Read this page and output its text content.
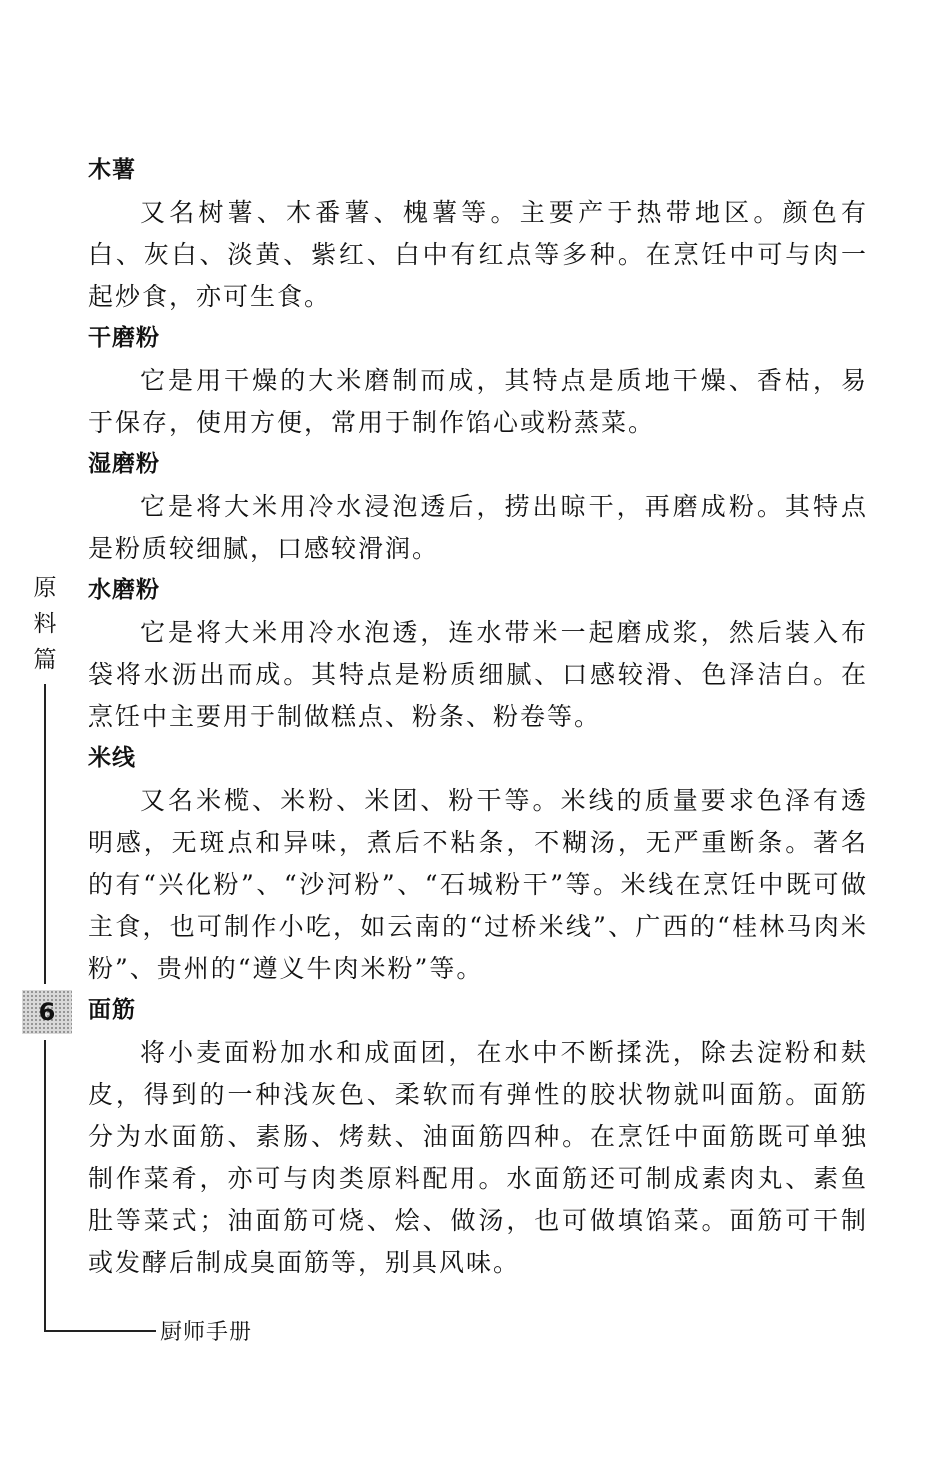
木薯

又名树薯、木番薯、槐薯等。主要产于热带地区。颜色有白、灰白、淡黄、紫红、白中有红点等多种。在烹饪中可与肉一起炒食，亦可生食。

干磨粉

它是用干燥的大米磨制而成，其特点是质地干燥、香枯，易于保存，使用方便，常用于制作馅心或粉蒸菜。

湿磨粉

它是将大米用冷水浸泡透后，捞出晾干，再磨成粉。其特点是粉质较细腻，口感较滑润。

水磨粉

它是将大米用冷水泡透，连水带米一起磨成浆，然后装入布袋将水沥出而成。其特点是粉质细腻、口感较滑、色泽洁白。在烹饪中主要用于制做糕点、粉条、粉卷等。

米线

又名米榄、米粉、米团、粉干等。米线的质量要求色泽有透明感，无斑点和异味，煮后不粘条，不糊汤，无严重断条。著名的有“兴化粉”、“沙河粉”、“石城粉干”等。米线在烹饪中既可做主食，也可制作小吃，如云南的“过桥米线”、广西的“桂林马肉米粉”、贵州的“遵义牛肉米粉”等。

面筋

将小麦面粉加水和成面团，在水中不断揉洗，除去淀粉和麸皮，得到的一种浅灰色、柔软而有弹性的胶状物就叫面筋。面筋分为水面筋、素肠、烤麸、油面筋四种。在烹饪中面筋既可单独制作菜肴，亦可与肉类原料配用。水面筋还可制成素肉丸、素鱼肚等菜式；油面筋可烧、烩、做汤，也可做填馅菜。面筋可干制或发酵后制成臭面筋等，别具风味。

原
料
篇
6
厨师手册
